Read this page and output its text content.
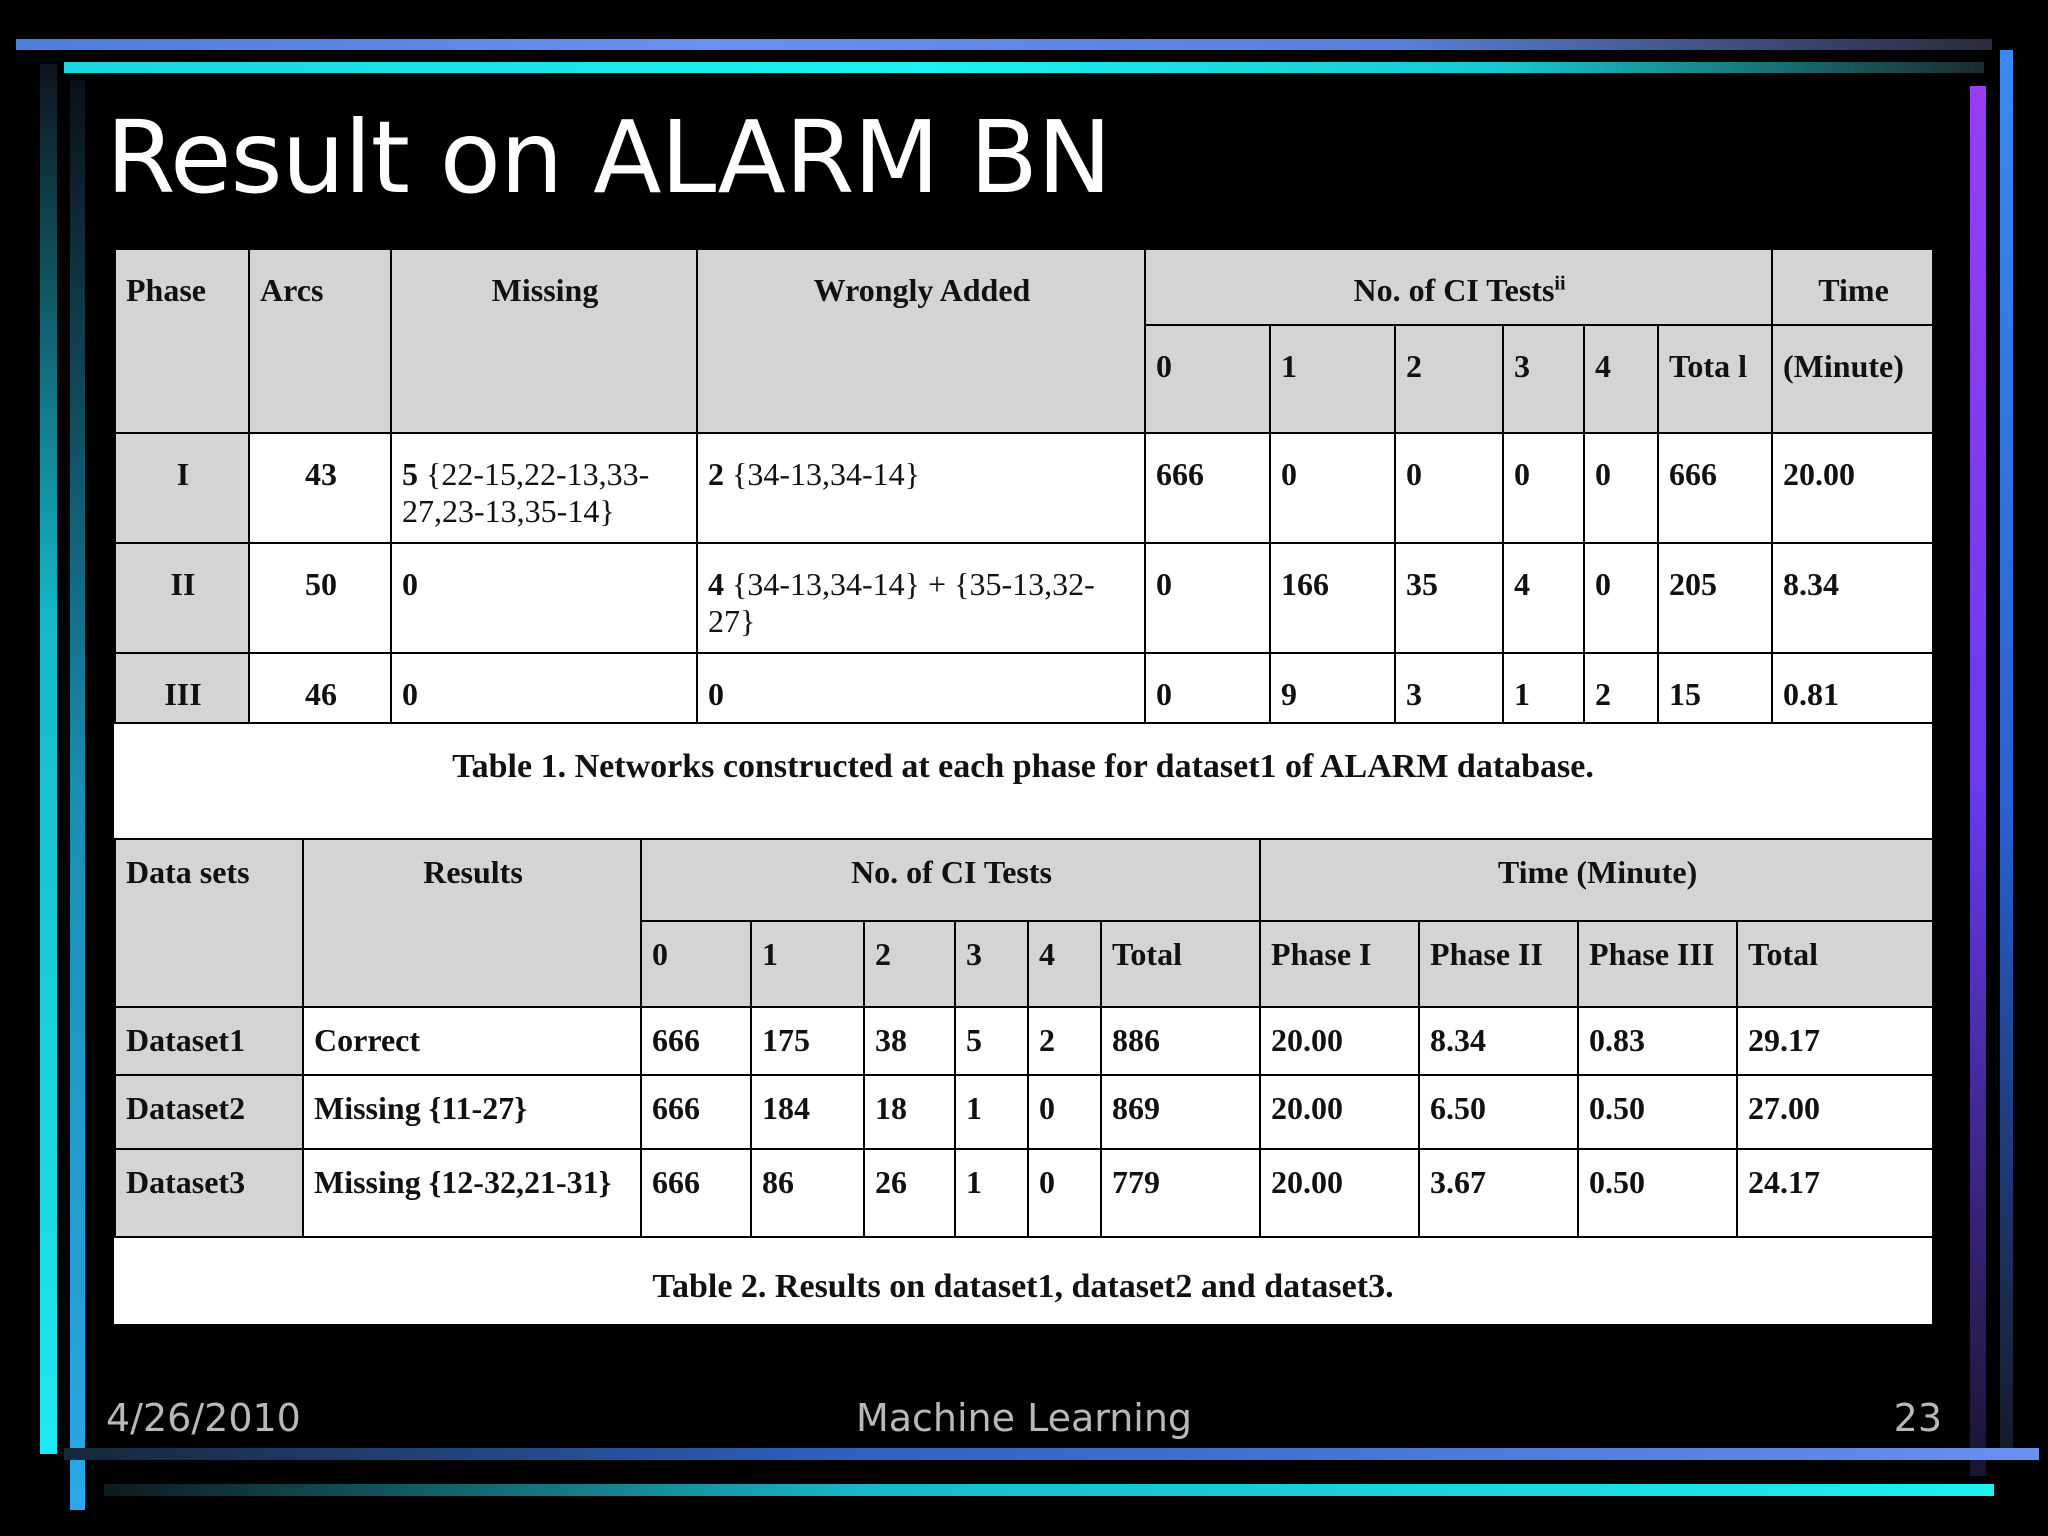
Result on ALARM BN
Phase	Arcs	Missing	Wrongly Added	No. of CI Tests$^{ii}$						Time
				0	1	2	3	4	Tota l	(Minute)
I	43	5 {22-15,22-13,33-27,23-13,35-14}	2 {34-13,34-14}	666	0	0	0	0	666	20.00
II	50	0	4 {34-13,34-14} + {35-13,32-27}	0	166	35	4	0	205	8.34
III	46	0	0	0	9	3	1	2	15	0.81
Table 1. Networks constructed at each phase for dataset1 of ALARM database.
Data sets	Results	No. of CI Tests						Time (Minute)			
		0	1	2	3	4	Total	Phase I	Phase II	Phase III	Total
Dataset1	Correct	666	175	38	5	2	886	20.00	8.34	0.83	29.17
Dataset2	Missing {11-27}	666	184	18	1	0	869	20.00	6.50	0.50	27.00
Dataset3	Missing {12-32,21-31}	666	86	26	1	0	779	20.00	3.67	0.50	24.17
Table 2. Results on dataset1, dataset2 and dataset3.
4/26/2010	Machine Learning	23
